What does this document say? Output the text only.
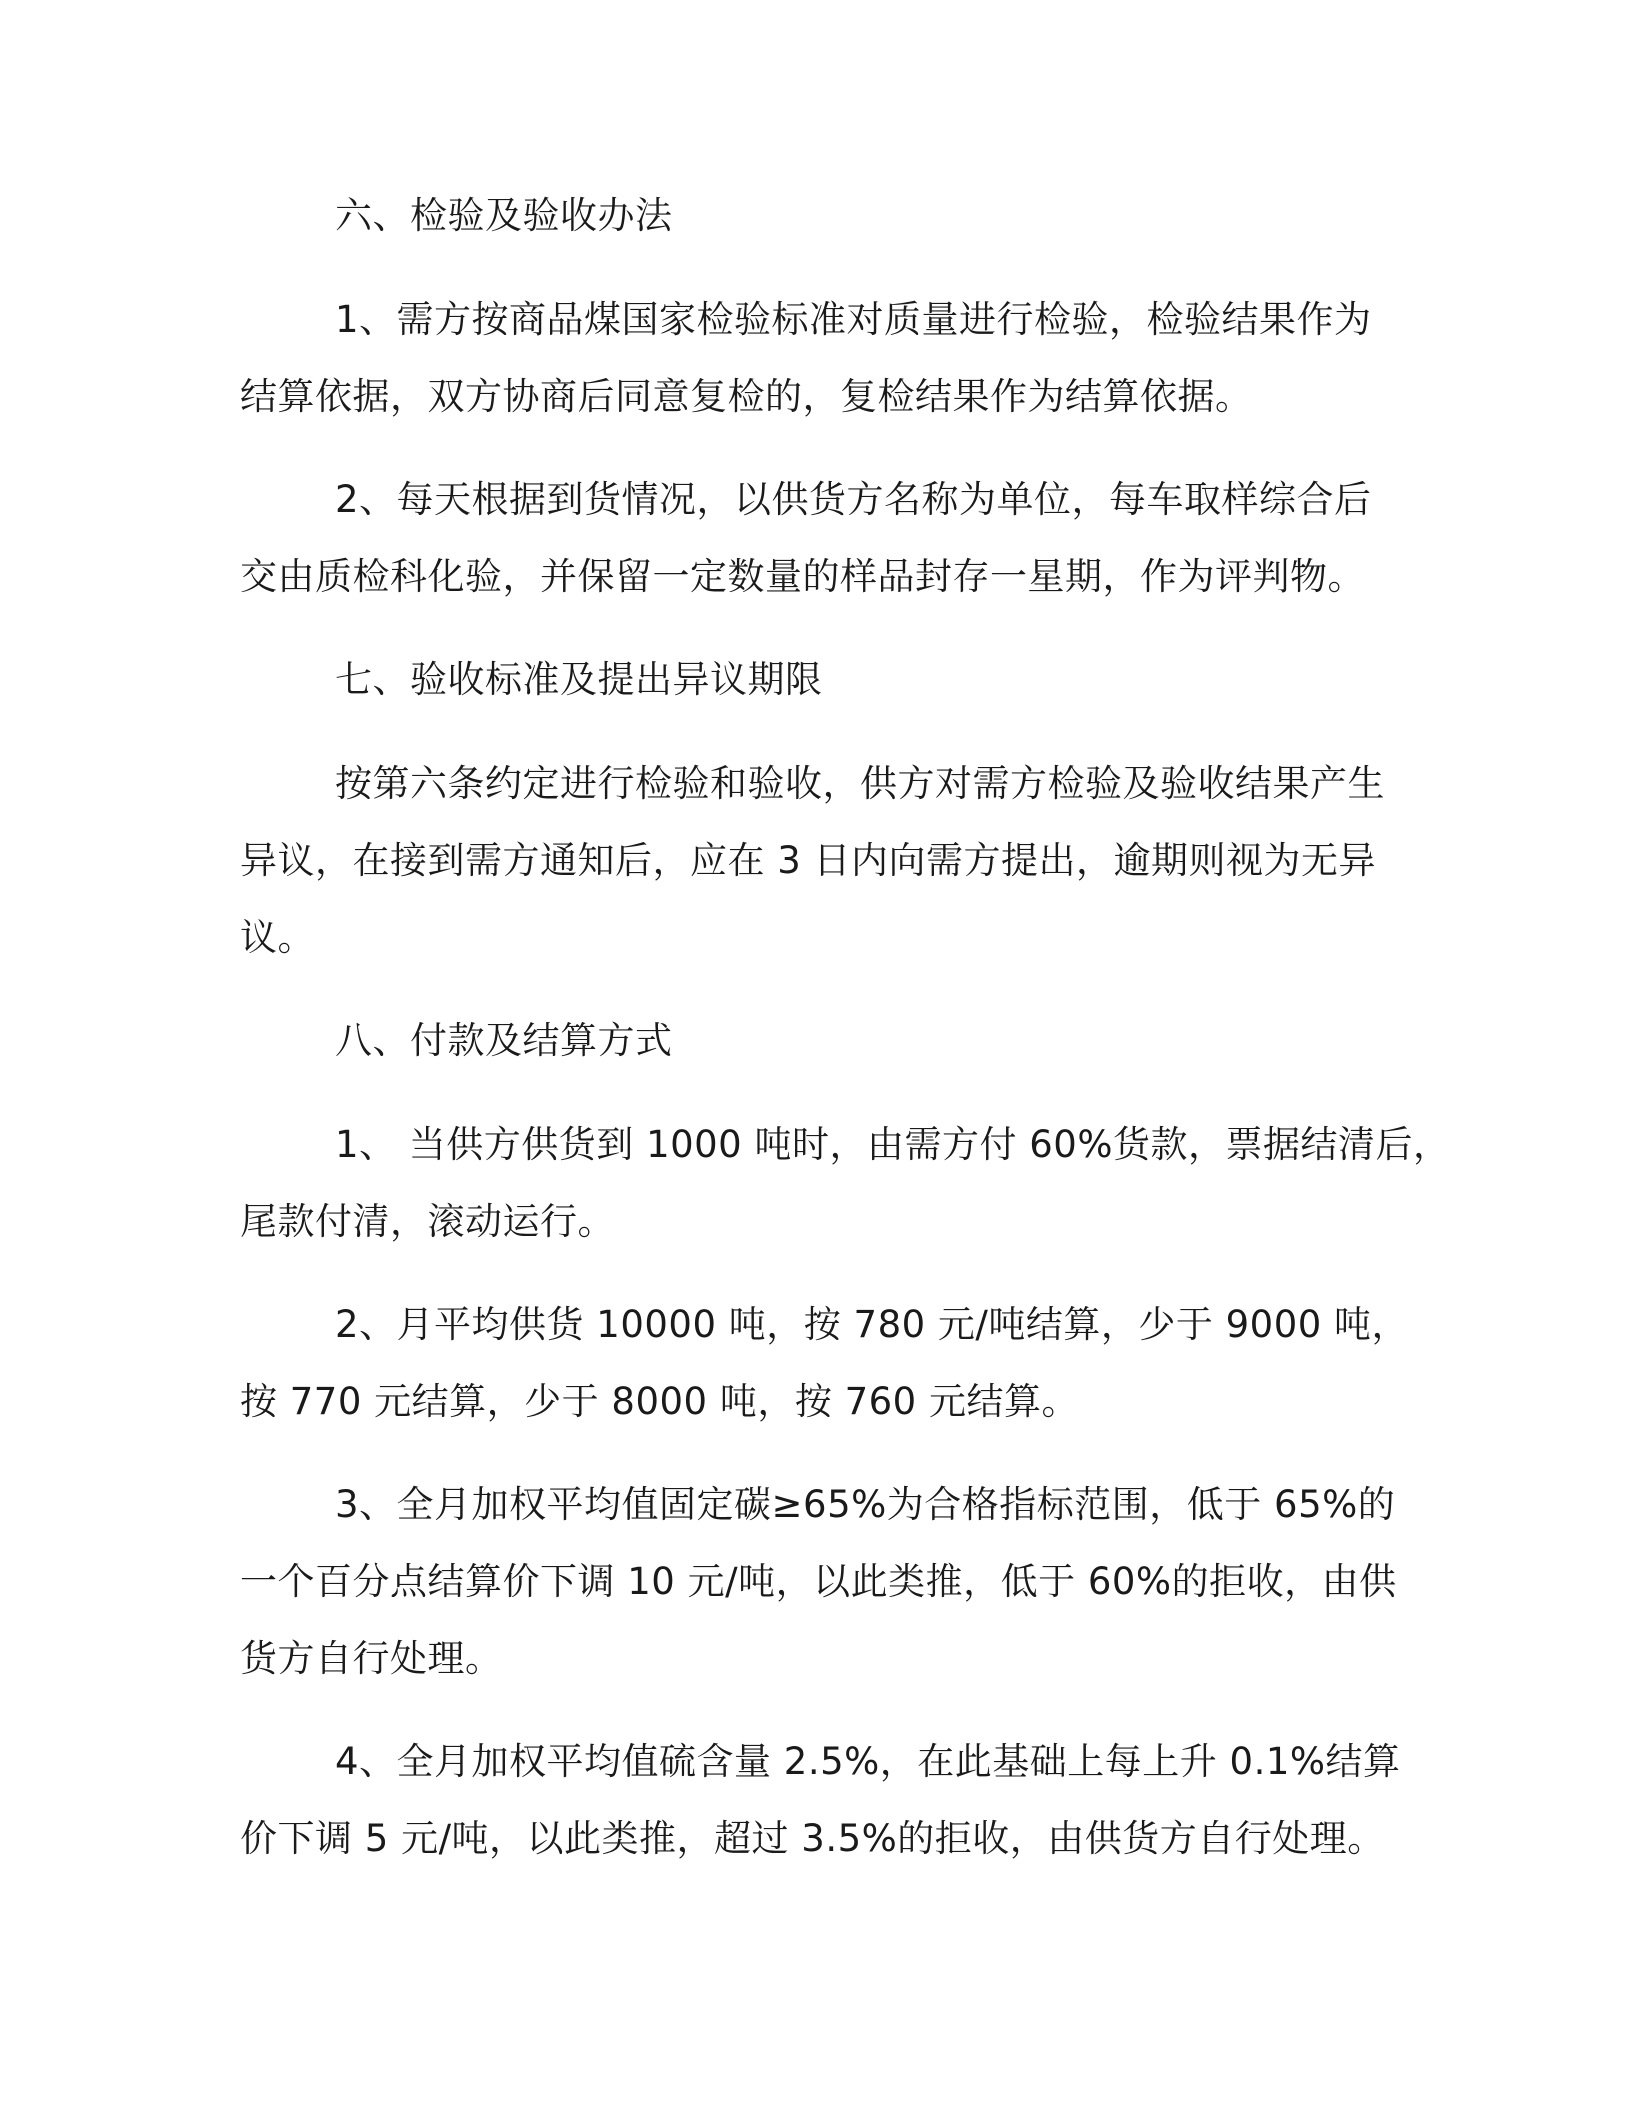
六、检验及验收办法
1、需方按商品煤国家检验标准对质量进行检验，检验结果作为
结算依据，双方协商后同意复检的，复检结果作为结算依据。
2、每天根据到货情况，以供货方名称为单位，每车取样综合后
交由质检科化验，并保留一定数量的样品封存一星期，作为评判物。
七、验收标准及提出异议期限
按第六条约定进行检验和验收，供方对需方检验及验收结果产生
异议，在接到需方通知后，应在 3 日内向需方提出，逾期则视为无异
议。
八、付款及结算方式
1、 当供方供货到 1000 吨时，由需方付 60%货款，票据结清后，
尾款付清，滚动运行。
2、月平均供货 10000 吨，按 780 元/吨结算，少于 9000 吨，
按 770 元结算，少于 8000 吨，按 760 元结算。
3、全月加权平均值固定碳≥65%为合格指标范围，低于 65%的
一个百分点结算价下调 10 元/吨，以此类推，低于 60%的拒收，由供
货方自行处理。
4、全月加权平均值硫含量 2.5%，在此基础上每上升 0.1%结算
价下调 5 元/吨，以此类推，超过 3.5%的拒收，由供货方自行处理。
